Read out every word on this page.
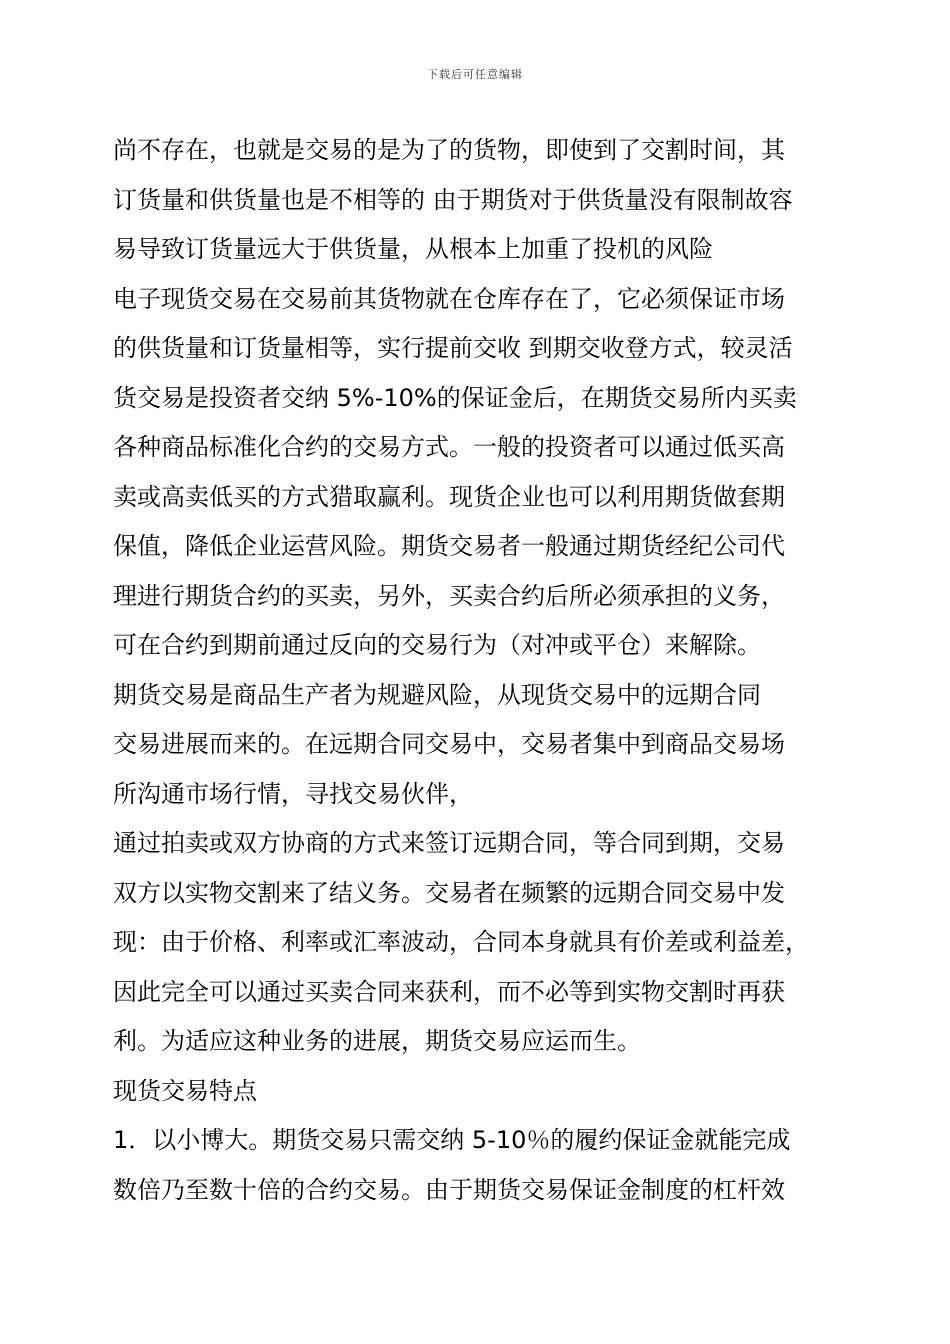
下载后可任意编辑
尚不存在，也就是交易的是为了的货物，即使到了交割时间，其
订货量和供货量也是不相等的 由于期货对于供货量没有限制故容
易导致订货量远大于供货量，从根本上加重了投机的风险
电子现货交易在交易前其货物就在仓库存在了，它必须保证市场
的供货量和订货量相等，实行提前交收 到期交收登方式，较灵活
货交易是投资者交纳 5%-10%的保证金后，在期货交易所内买卖
各种商品标准化合约的交易方式。一般的投资者可以通过低买高
卖或高卖低买的方式猎取赢利。现货企业也可以利用期货做套期
保值，降低企业运营风险。期货交易者一般通过期货经纪公司代
理进行期货合约的买卖，另外，买卖合约后所必须承担的义务，
可在合约到期前通过反向的交易行为（对冲或平仓）来解除。
期货交易是商品生产者为规避风险，从现货交易中的远期合同
交易进展而来的。在远期合同交易中，交易者集中到商品交易场
所沟通市场行情，寻找交易伙伴，
通过拍卖或双方协商的方式来签订远期合同，等合同到期，交易
双方以实物交割来了结义务。交易者在频繁的远期合同交易中发
现：由于价格、利率或汇率波动，合同本身就具有价差或利益差，
因此完全可以通过买卖合同来获利，而不必等到实物交割时再获
利。为适应这种业务的进展，期货交易应运而生。
现货交易特点
1．以小博大。期货交易只需交纳 5-10％的履约保证金就能完成
数倍乃至数十倍的合约交易。由于期货交易保证金制度的杠杆效
